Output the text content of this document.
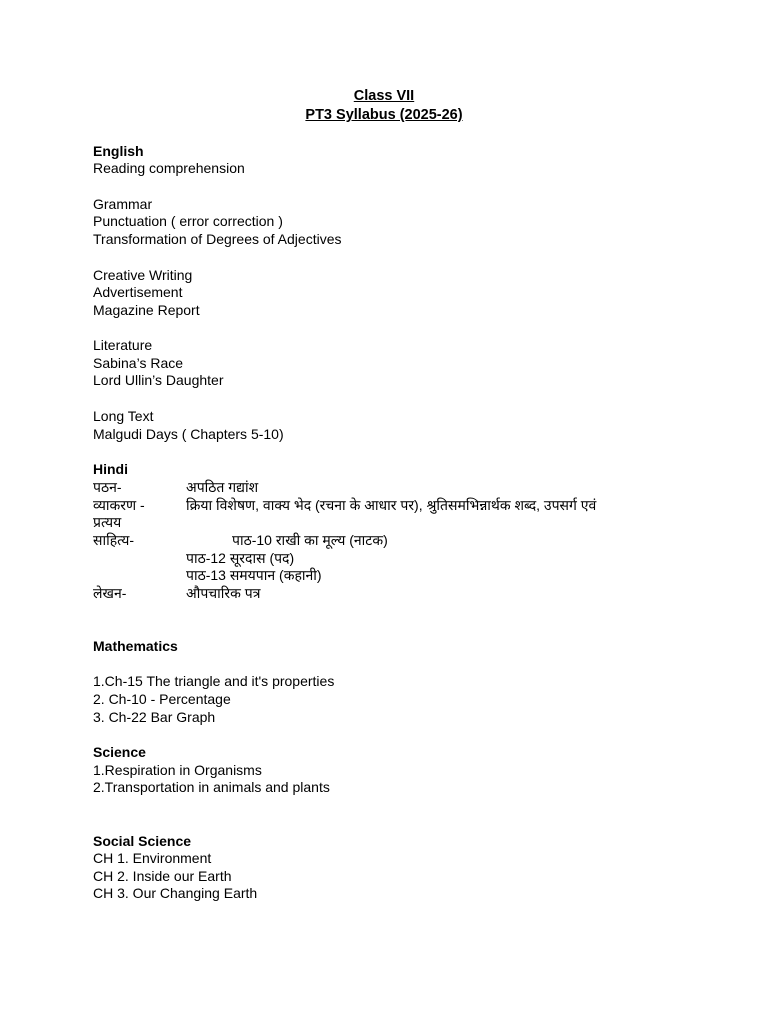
Class VII
PT3 Syllabus (2025-26)
English
Reading comprehension
Grammar
Punctuation ( error correction )
Transformation of Degrees of Adjectives
Creative Writing
Advertisement
Magazine Report
Literature
Sabina’s Race
Lord Ullin’s Daughter
Long Text
Malgudi Days ( Chapters 5-10)
Hindi
पठन-	अपठित गद्यांश
व्याकरण -	क्रिया विशेषण, वाक्य भेद (रचना के आधार पर), श्रुतिसमभिन्नार्थक शब्द, उपसर्ग एवं
प्रत्यय
साहित्य-	पाठ-10 राखी का मूल्य (नाटक)
पाठ-12 सूरदास (पद)
पाठ-13 समयपान (कहानी)
लेखन-	औपचारिक पत्र
Mathematics
1.Ch-15 The triangle and it's properties
2. Ch-10 - Percentage
3. Ch-22 Bar Graph
Science
1.Respiration in Organisms
2.Transportation in animals and plants
Social Science
CH 1. Environment
CH 2. Inside our Earth
CH 3. Our Changing Earth
